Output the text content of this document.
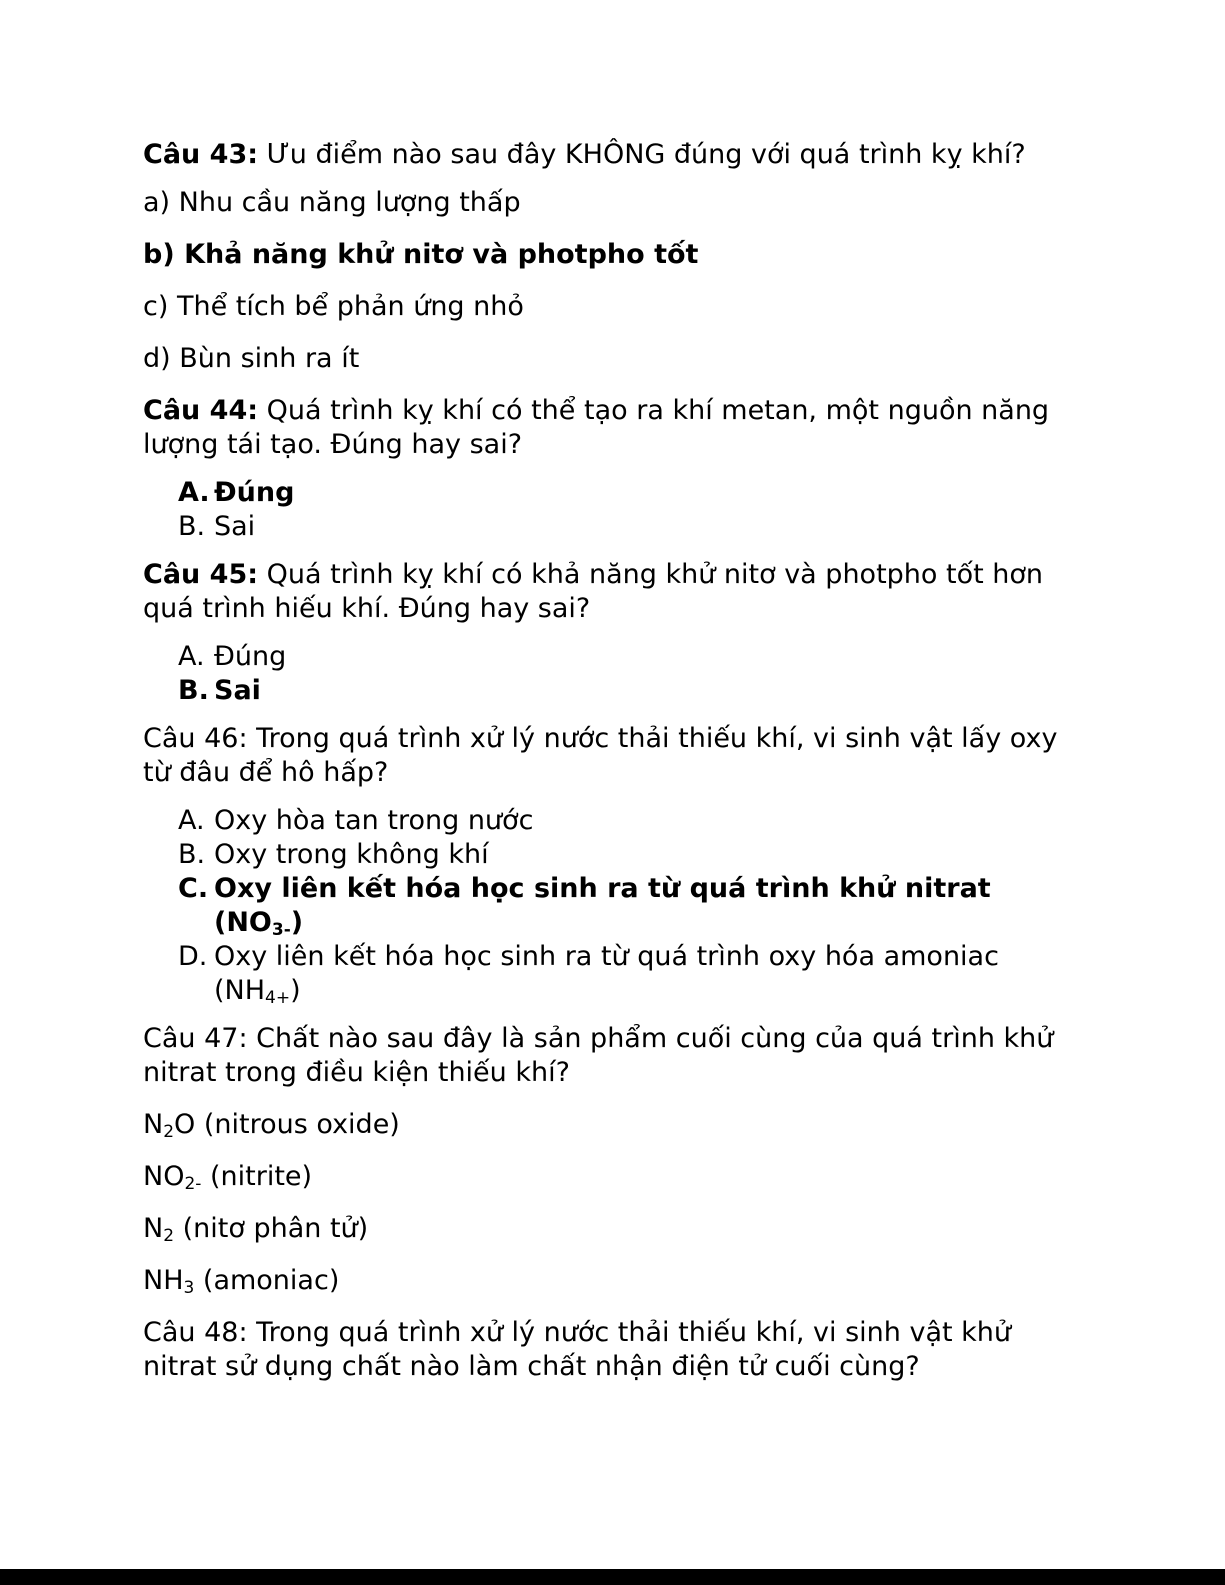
Câu 43: Ưu điểm nào sau đây KHÔNG đúng với quá trình kỵ khí?

a) Nhu cầu năng lượng thấp

b) Khả năng khử nitơ và photpho tốt

c) Thể tích bể phản ứng nhỏ

d) Bùn sinh ra ít

Câu 44: Quá trình kỵ khí có thể tạo ra khí metan, một nguồn năng lượng tái tạo. Đúng hay sai?

A. Đúng
B. Sai

Câu 45: Quá trình kỵ khí có khả năng khử nitơ và photpho tốt hơn quá trình hiếu khí. Đúng hay sai?

A. Đúng
B. Sai

Câu 46: Trong quá trình xử lý nước thải thiếu khí, vi sinh vật lấy oxy từ đâu để hô hấp?

A. Oxy hòa tan trong nước
B. Oxy trong không khí
C. Oxy liên kết hóa học sinh ra từ quá trình khử nitrat $(NO_{3-})$
D. Oxy liên kết hóa học sinh ra từ quá trình oxy hóa amoniac $(NH_{4+})$

Câu 47: Chất nào sau đây là sản phẩm cuối cùng của quá trình khử nitrat trong điều kiện thiếu khí?

$N_2O$ (nitrous oxide)

$NO_{2-}$ (nitrite)

$N_2$ (nitơ phân tử)

$NH_3$ (amoniac)

Câu 48: Trong quá trình xử lý nước thải thiếu khí, vi sinh vật khử nitrat sử dụng chất nào làm chất nhận điện tử cuối cùng?
